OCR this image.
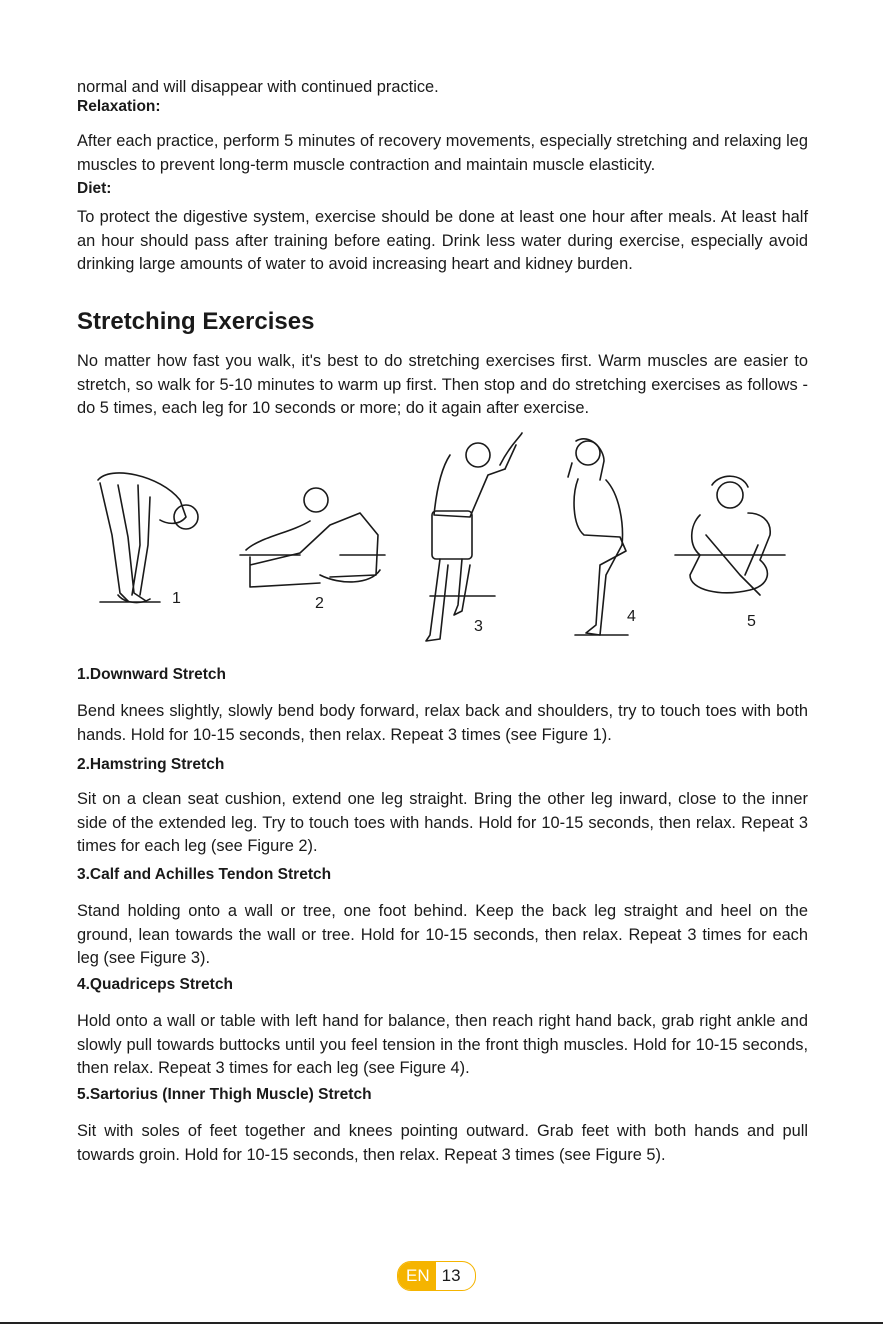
normal and will disappear with continued practice.

Relaxation:

After each practice, perform 5 minutes of recovery movements, especially stretching and relaxing leg muscles to prevent long-term muscle contraction and maintain muscle elasticity.

Diet:

To protect the digestive system, exercise should be done at least one hour after meals. At least half an hour should pass after training before eating. Drink less water during exercise, especially avoid drinking large amounts of water to avoid increasing heart and kidney burden.

Stretching Exercises

No matter how fast you walk, it's best to do stretching exercises first. Warm muscles are easier to stretch, so walk for 5-10 minutes to warm up first. Then stop and do stretching exercises as follows - do 5 times, each leg for 10 seconds or more; do it again after exercise.

1.Downward Stretch

Bend knees slightly, slowly bend body forward, relax back and shoulders, try to touch toes with both hands. Hold for 10-15 seconds, then relax. Repeat 3 times (see Figure 1).

2.Hamstring Stretch

Sit on a clean seat cushion, extend one leg straight. Bring the other leg inward, close to the inner side of the extended leg. Try to touch toes with hands. Hold for 10-15 seconds, then relax. Repeat 3 times for each leg (see Figure 2).

3.Calf and Achilles Tendon Stretch

Stand holding onto a wall or tree, one foot behind. Keep the back leg straight and heel on the ground, lean towards the wall or tree. Hold for 10-15 seconds, then relax. Repeat 3 times for each leg (see Figure 3).

4.Quadriceps Stretch

Hold onto a wall or table with left hand for balance, then reach right hand back, grab right ankle and slowly pull towards buttocks until you feel tension in the front thigh muscles. Hold for 10-15 seconds, then relax. Repeat 3 times for each leg (see Figure 4).

5.Sartorius (Inner Thigh Muscle) Stretch

Sit with soles of feet together and knees pointing outward. Grab feet with both hands and pull towards groin. Hold for 10-15 seconds, then relax. Repeat 3 times (see Figure 5).

3
4	5
1	2
EN 13
